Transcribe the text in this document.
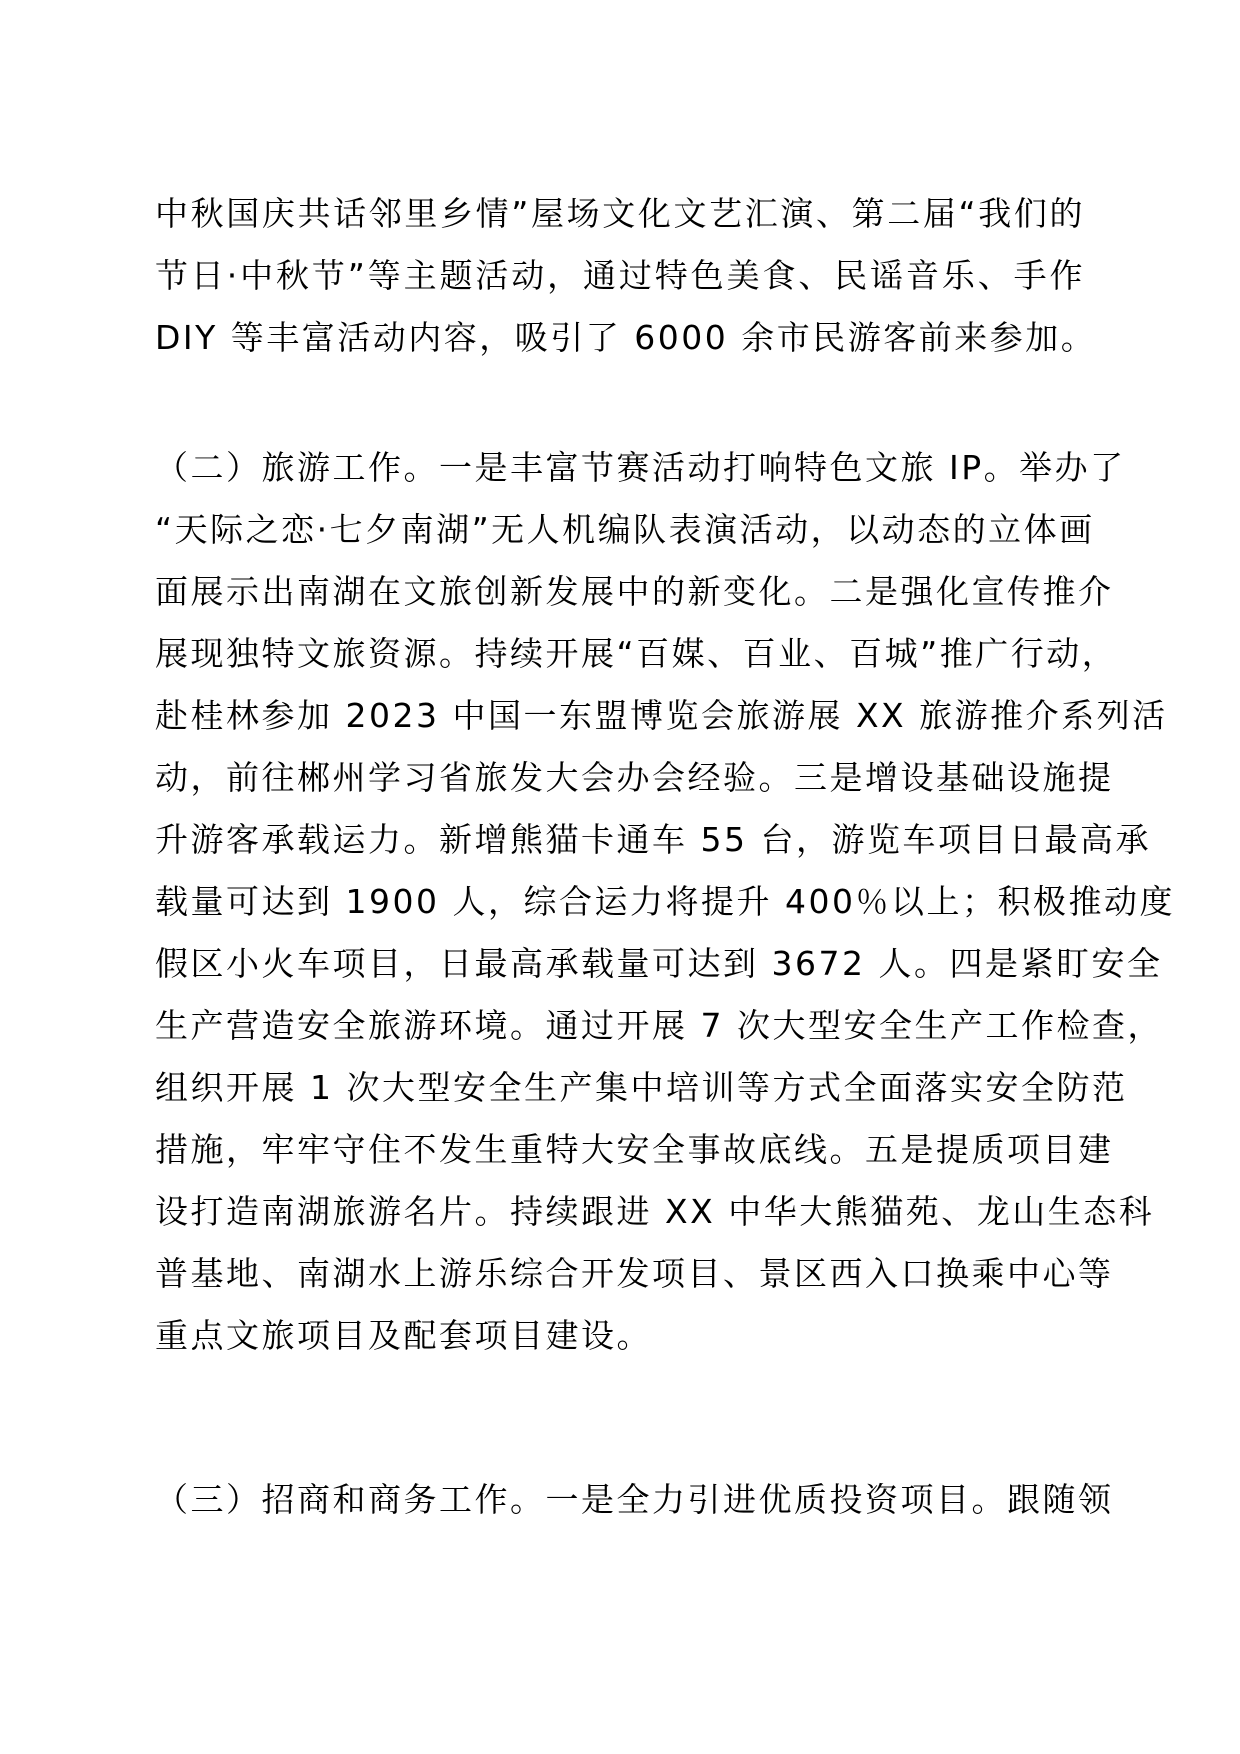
中秋国庆共话邻里乡情”屋场文化文艺汇演、第二届“我们的
节日·中秋节”等主题活动，通过特色美食、民谣音乐、手作
DIY 等丰富活动内容，吸引了 6000 余市民游客前来参加。
（二）旅游工作。一是丰富节赛活动打响特色文旅 IP。举办了
“天际之恋·七夕南湖”无人机编队表演活动，以动态的立体画
面展示出南湖在文旅创新发展中的新变化。二是强化宣传推介
展现独特文旅资源。持续开展“百媒、百业、百城”推广行动，
赴桂林参加 2023 中国一东盟博览会旅游展 XX 旅游推介系列活
动，前往郴州学习省旅发大会办会经验。三是增设基础设施提
升游客承载运力。新增熊猫卡通车 55 台，游览车项目日最高承
载量可达到 1900 人，综合运力将提升 400％以上；积极推动度
假区小火车项目，日最高承载量可达到 3672 人。四是紧盯安全
生产营造安全旅游环境。通过开展 7 次大型安全生产工作检查，
组织开展 1 次大型安全生产集中培训等方式全面落实安全防范
措施，牢牢守住不发生重特大安全事故底线。五是提质项目建
设打造南湖旅游名片。持续跟进 XX 中华大熊猫苑、龙山生态科
普基地、南湖水上游乐综合开发项目、景区西入口换乘中心等
重点文旅项目及配套项目建设。
（三）招商和商务工作。一是全力引进优质投资项目。跟随领
